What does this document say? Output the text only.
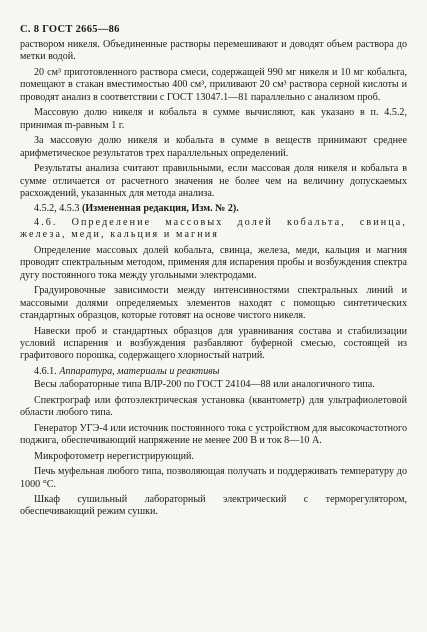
С. 8 ГОСТ 2665—86

раствором никеля. Объединенные растворы перемешивают и доводят объем раствора до метки водой.

20 см³ приготовленного раствора смеси, содержащей 990 мг никеля и 10 мг кобальта, помещают в стакан вместимостью 400 см³, приливают 20 см³ раствора серной кислоты и проводят анализ в соответствии с ГОСТ 13047.1—81 параллельно с анализом проб.

Массовую долю никеля и кобальта в сумме вычисляют, как указано в п. 4.5.2, принимая m-равным 1 г.

За массовую долю никеля и кобальта в сумме в веществ принимают среднее арифметическое результатов трех параллельных определений.

Результаты анализа считают правильными, если массовая доля никеля и кобальта в сумме отличается от расчетного значения не более чем на величину допускаемых расхождений, указанных для метода анализа.

4.5.2, 4.5.3 (Измененная редакция, Изм. № 2).

4.6. Определение массовых долей кобальта, свинца, железа, меди, кальция и магния

Определение массовых долей кобальта, свинца, железа, меди, кальция и магния проводят спектральным методом, применяя для испарения пробы и возбуждения спектра дугу постоянного тока между угольными электродами.

Градуировочные зависимости между интенсивностями спектральных линий и массовыми долями определяемых элементов находят с помощью синтетических стандартных образцов, которые готовят на основе чистого никеля.

Навески проб и стандартных образцов для уравнивания состава и стабилизации условий испарения и возбуждения разбавляют буферной смесью, состоящей из графитового порошка, содержащего хлорностый натрий.

4.6.1. Аппаратура, материалы и реактивы

Весы лабораторные типа ВЛР-200 по ГОСТ 24104—88 или аналогичного типа.

Спектрограф или фотоэлектрическая установка (квантометр) для ультрафиолетовой области любого типа.

Генератор УГЭ-4 или источник постоянного тока с устройством для высокочастотного поджига, обеспечивающий напряжение не менее 200 В и ток 8—10 А.

Микрофотометр нерегистрирующий.

Печь муфельная любого типа, позволяющая получать и поддерживать температуру до 1000 °С.

Шкаф сушильный лабораторный электрический с терморегулятором, обеспечивающий режим сушки.
